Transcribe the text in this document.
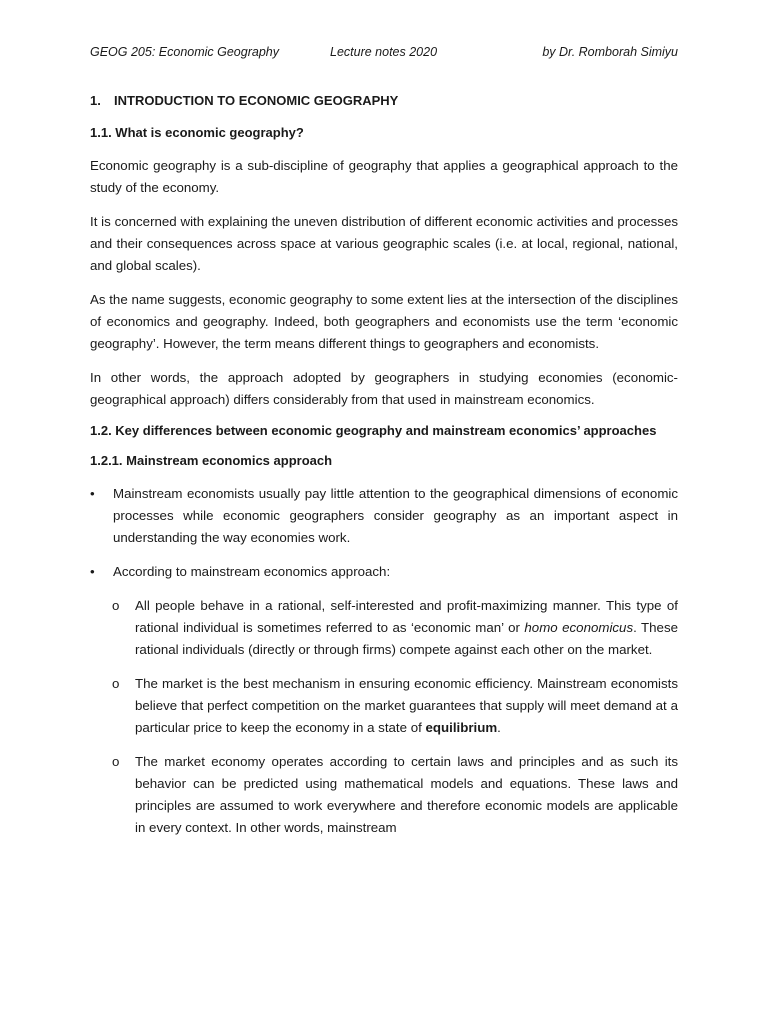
GEOG 205: Economic Geography	Lecture notes 2020	by Dr. Romborah Simiyu
1. INTRODUCTION TO ECONOMIC GEOGRAPHY
1.1. What is economic geography?

Economic geography is a sub-discipline of geography that applies a geographical approach to the study of the economy.

It is concerned with explaining the uneven distribution of different economic activities and processes and their consequences across space at various geographic scales (i.e. at local, regional, national, and global scales).

As the name suggests, economic geography to some extent lies at the intersection of the disciplines of economics and geography. Indeed, both geographers and economists use the term ‘economic geography’. However, the term means different things to geographers and economists.

In other words, the approach adopted by geographers in studying economies (economic-geographical approach) differs considerably from that used in mainstream economics.

1.2. Key differences between economic geography and mainstream economics’ approaches
1.2.1. Mainstream economics approach
• Mainstream economists usually pay little attention to the geographical dimensions of economic processes while economic geographers consider geography as an important aspect in understanding the way economies work.
• According to mainstream economics approach:
o All people behave in a rational, self-interested and profit-maximizing manner. This type of rational individual is sometimes referred to as ‘economic man’ or homo economicus. These rational individuals (directly or through firms) compete against each other on the market.
o The market is the best mechanism in ensuring economic efficiency. Mainstream economists believe that perfect competition on the market guarantees that supply will meet demand at a particular price to keep the economy in a state of equilibrium.
o The market economy operates according to certain laws and principles and as such its behavior can be predicted using mathematical models and equations. These laws and principles are assumed to work everywhere and therefore economic models are applicable in every context. In other words, mainstream
